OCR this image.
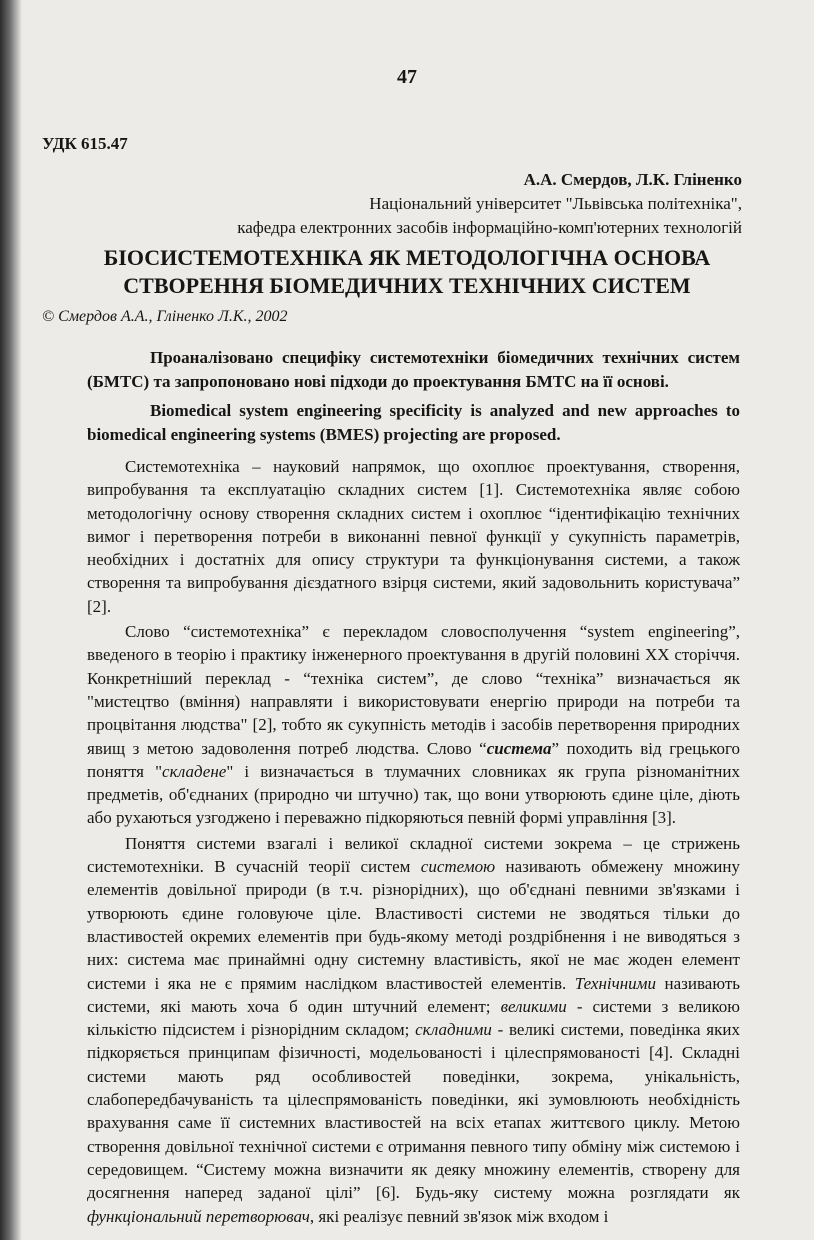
47
УДК 615.47
А.А. Смердов, Л.К. Гліненко
Національний університет "Львівська політехніка",
кафедра електронних засобів інформаційно-комп'ютерних технологій
БІОСИСТЕМОТЕХНІКА ЯК МЕТОДОЛОГІЧНА ОСНОВА
СТВОРЕННЯ БІОМЕДИЧНИХ ТЕХНІЧНИХ СИСТЕМ
© Смердов А.А., Гліненко Л.К., 2002
Проаналізовано специфіку системотехніки біомедичних технічних систем (БМТС) та запропоновано нові підходи до проектування БМТС на її основі.
Biomedical system engineering specificity is analyzed and new approaches to biomedical engineering systems (BMES) projecting are proposed.

Системотехніка – науковий напрямок, що охоплює проектування, створення, випробування та експлуатацію складних систем [1]. Системотехніка являє собою методологічну основу створення складних систем і охоплює “ідентифікацію технічних вимог і перетворення потреби в виконанні певної функції у сукупність параметрів, необхідних і достатніх для опису структури та функціонування системи, а також створення та випробування дієздатного взірця системи, який задовольнить користувача” [2].

Слово “системотехніка” є перекладом словосполучення “system engineering”, введеного в теорію і практику інженерного проектування в другій половині XX сторіччя. Конкретніший переклад - “техніка систем”, де слово “техніка” визначається як "мистецтво (вміння) направляти і використовувати енергію природи на потреби та процвітання людства" [2], тобто як сукупність методів і засобів перетворення природних явищ з метою задоволення потреб людства. Слово “система” походить від грецького поняття "складене" і визначається в тлумачних словниках як група різноманітних предметів, об'єднаних (природно чи штучно) так, що вони утворюють єдине ціле, діють або рухаються узгоджено і переважно підкоряються певній формі управління [3].

Поняття системи взагалі і великої складної системи зокрема – це стрижень системотехніки. В сучасній теорії систем системою називають обмежену множину елементів довільної природи (в т.ч. різнорідних), що об'єднані певними зв'язками і утворюють єдине головуюче ціле. Властивості системи не зводяться тільки до властивостей окремих елементів при будь-якому методі роздрібнення і не виводяться з них: система має принаймні одну системну властивість, якої не має жоден елемент системи і яка не є прямим наслідком властивостей елементів. Технічними називають системи, які мають хоча б один штучний елемент; великими - системи з великою кількістю підсистем і різнорідним складом; складними - великі системи, поведінка яких підкоряється принципам фізичності, модельованості і цілеспрямованості [4]. Складні системи мають ряд особливостей поведінки, зокрема, унікальність, слабопередбачуваність та цілеспрямованість поведінки, які зумовлюють необхідність врахування саме її системних властивостей на всіх етапах життєвого циклу. Метою створення довільної технічної системи є отримання певного типу обміну між системою і середовищем. “Систему можна визначити як деяку множину елементів, створену для досягнення наперед заданої цілі” [6]. Будь-яку систему можна розглядати як функціональний перетворювач, які реалізує певний зв'язок між входом і
